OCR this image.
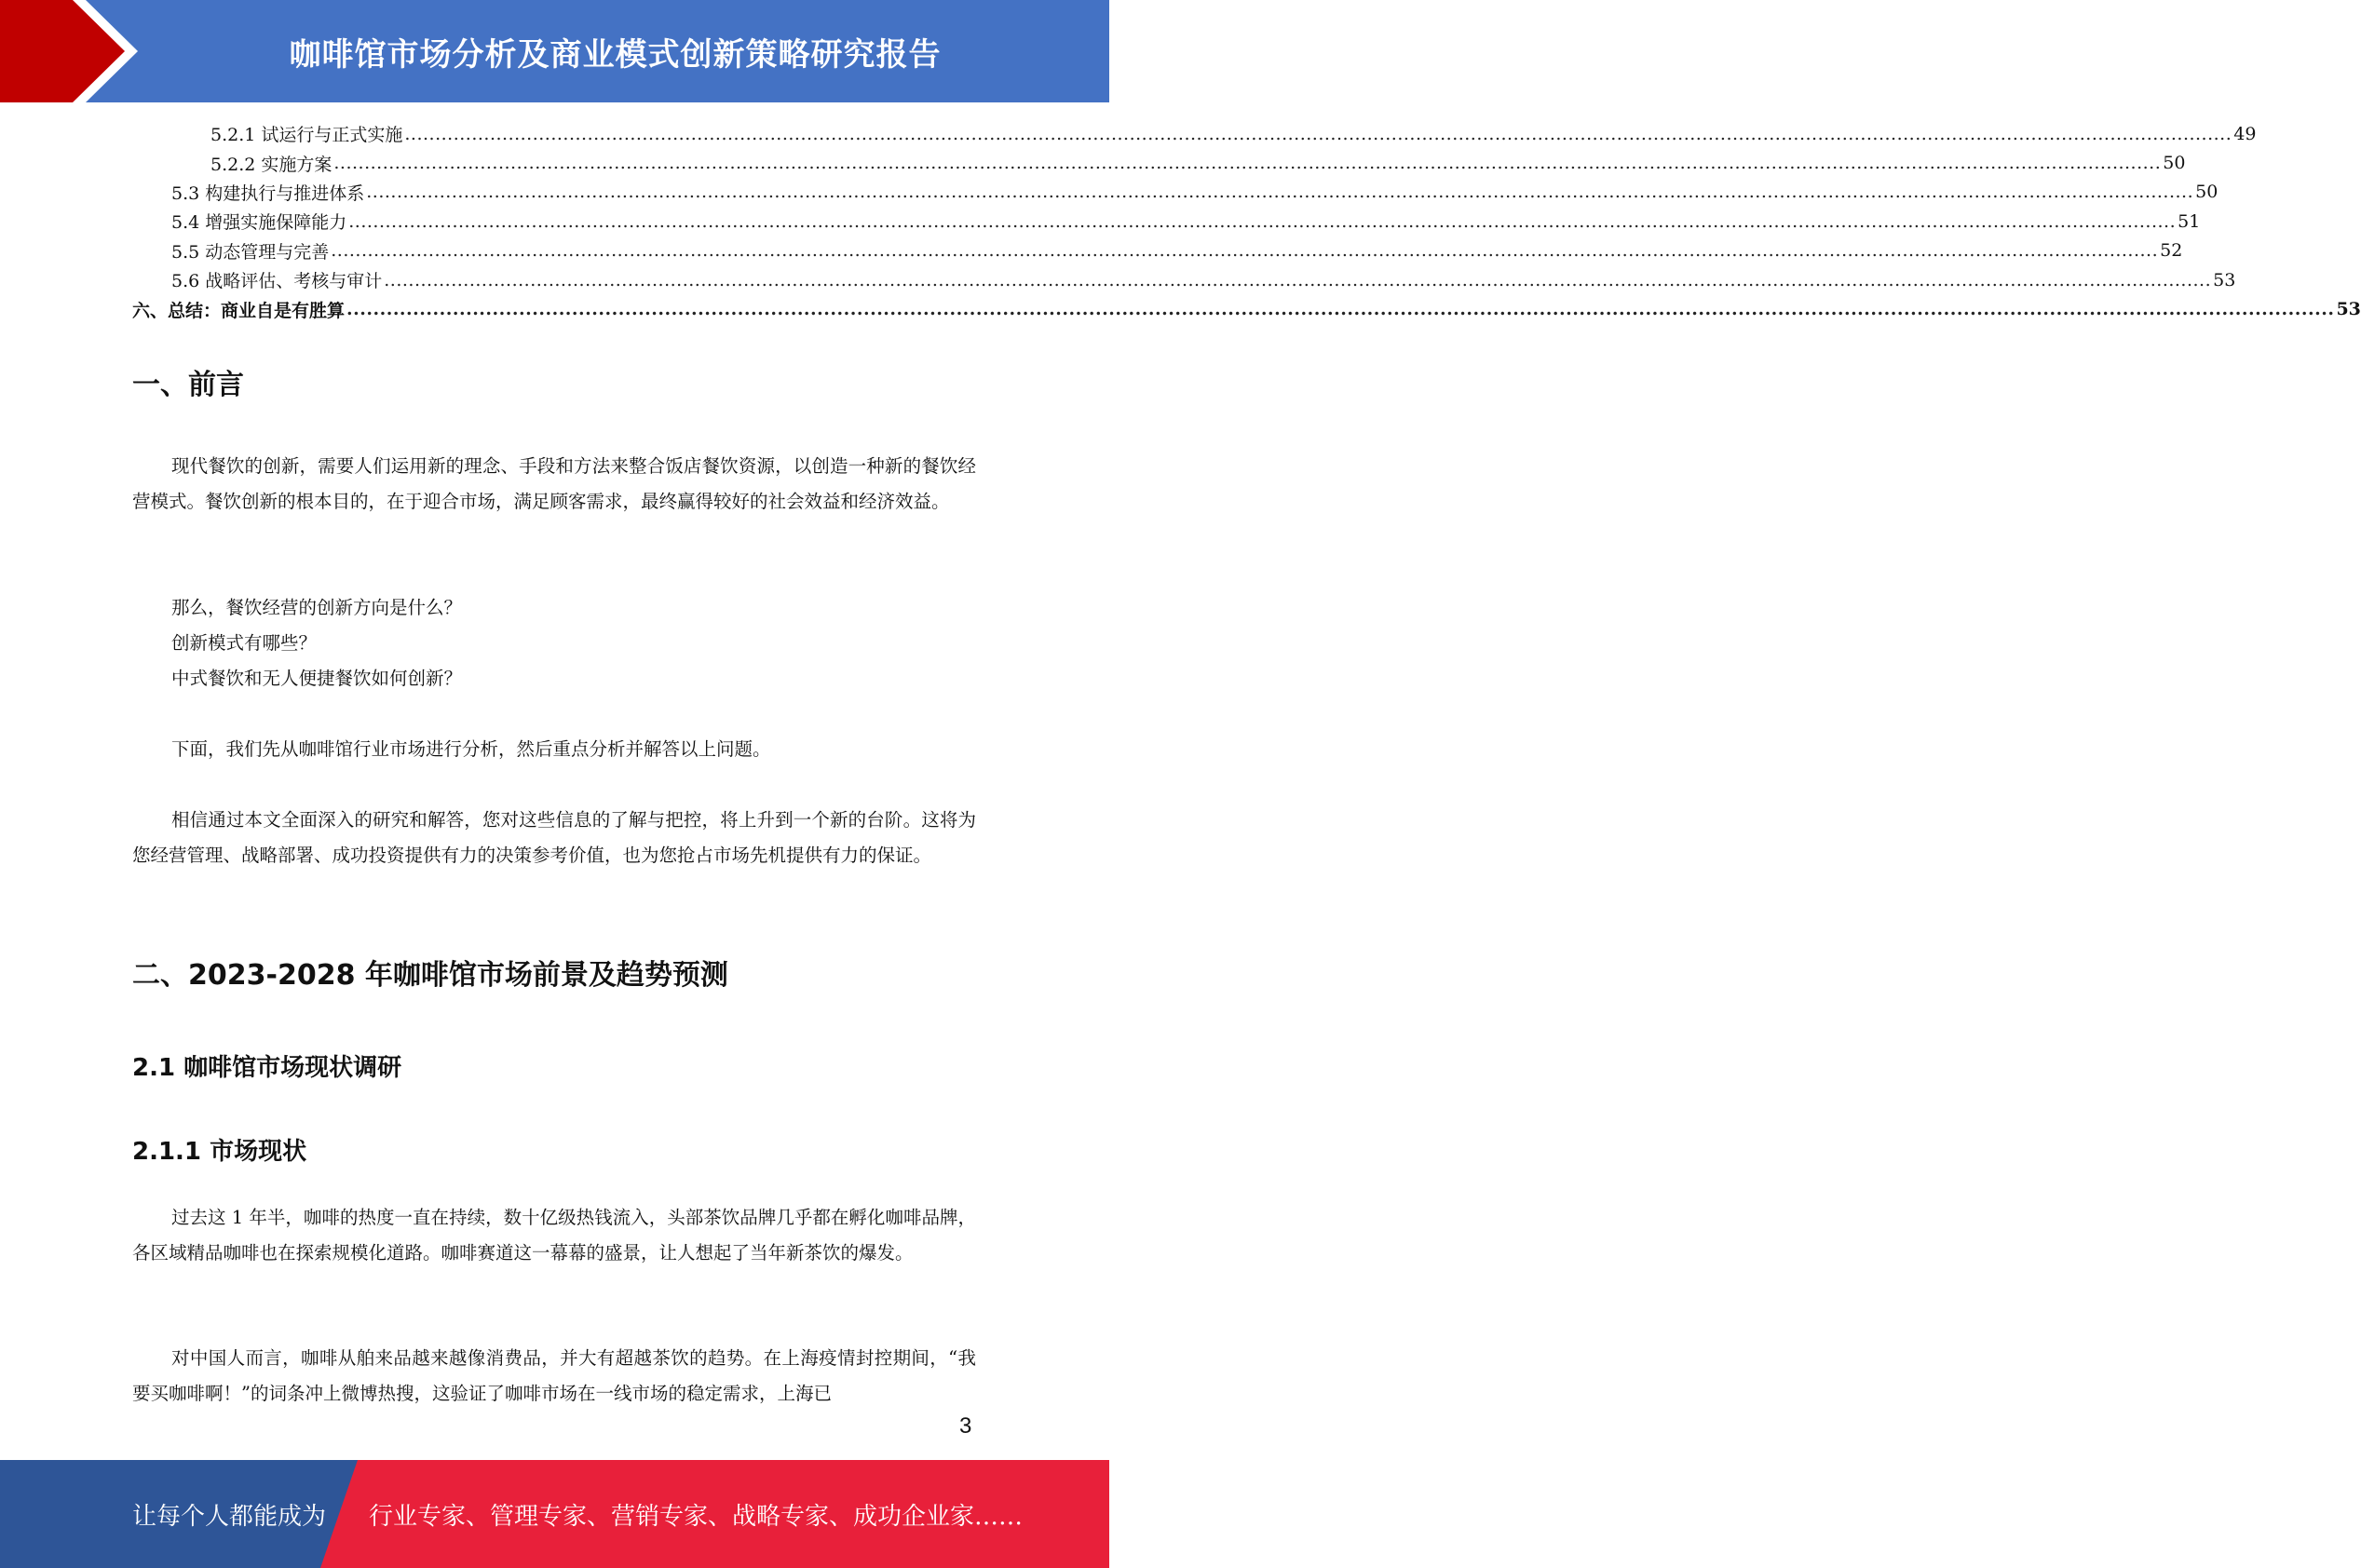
咖啡馆市场分析及商业模式创新策略研究报告
5.2.1 试运行与正式实施 ............................................................................................................................................................................................................................................................................................................ 49
5.2.2 实施方案 ............................................................................................................................................................................................................................................................................................................ 50
5.3 构建执行与推进体系 ............................................................................................................................................................................................................................................................................................................ 50
5.4 增强实施保障能力 ............................................................................................................................................................................................................................................................................................................ 51
5.5 动态管理与完善 ............................................................................................................................................................................................................................................................................................................ 52
5.6 战略评估、考核与审计 ............................................................................................................................................................................................................................................................................................................ 53
六、总结：商业自是有胜算 ............................................................................................................................................................................................................................................................................................................ 53
一、前言
现代餐饮的创新，需要人们运用新的理念、手段和方法来整合饭店餐饮资源，以创造一种新的餐饮经营模式。餐饮创新的根本目的，在于迎合市场，满足顾客需求，最终赢得较好的社会效益和经济效益。
那么，餐饮经营的创新方向是什么？
创新模式有哪些？
中式餐饮和无人便捷餐饮如何创新？
下面，我们先从咖啡馆行业市场进行分析，然后重点分析并解答以上问题。
相信通过本文全面深入的研究和解答，您对这些信息的了解与把控，将上升到一个新的台阶。这将为您经营管理、战略部署、成功投资提供有力的决策参考价值，也为您抢占市场先机提供有力的保证。
二、2023-2028 年咖啡馆市场前景及趋势预测
2.1 咖啡馆市场现状调研
2.1.1 市场现状
过去这 1 年半，咖啡的热度一直在持续，数十亿级热钱流入，头部茶饮品牌几乎都在孵化咖啡品牌，各区域精品咖啡也在探索规模化道路。咖啡赛道这一幕幕的盛景，让人想起了当年新茶饮的爆发。
对中国人而言，咖啡从舶来品越来越像消费品，并大有超越茶饮的趋势。在上海疫情封控期间，“我要买咖啡啊！”的词条冲上微博热搜，这验证了咖啡市场在一线市场的稳定需求，上海已
3
让每个人都能成为 行业专家、管理专家、营销专家、战略专家、成功企业家……
